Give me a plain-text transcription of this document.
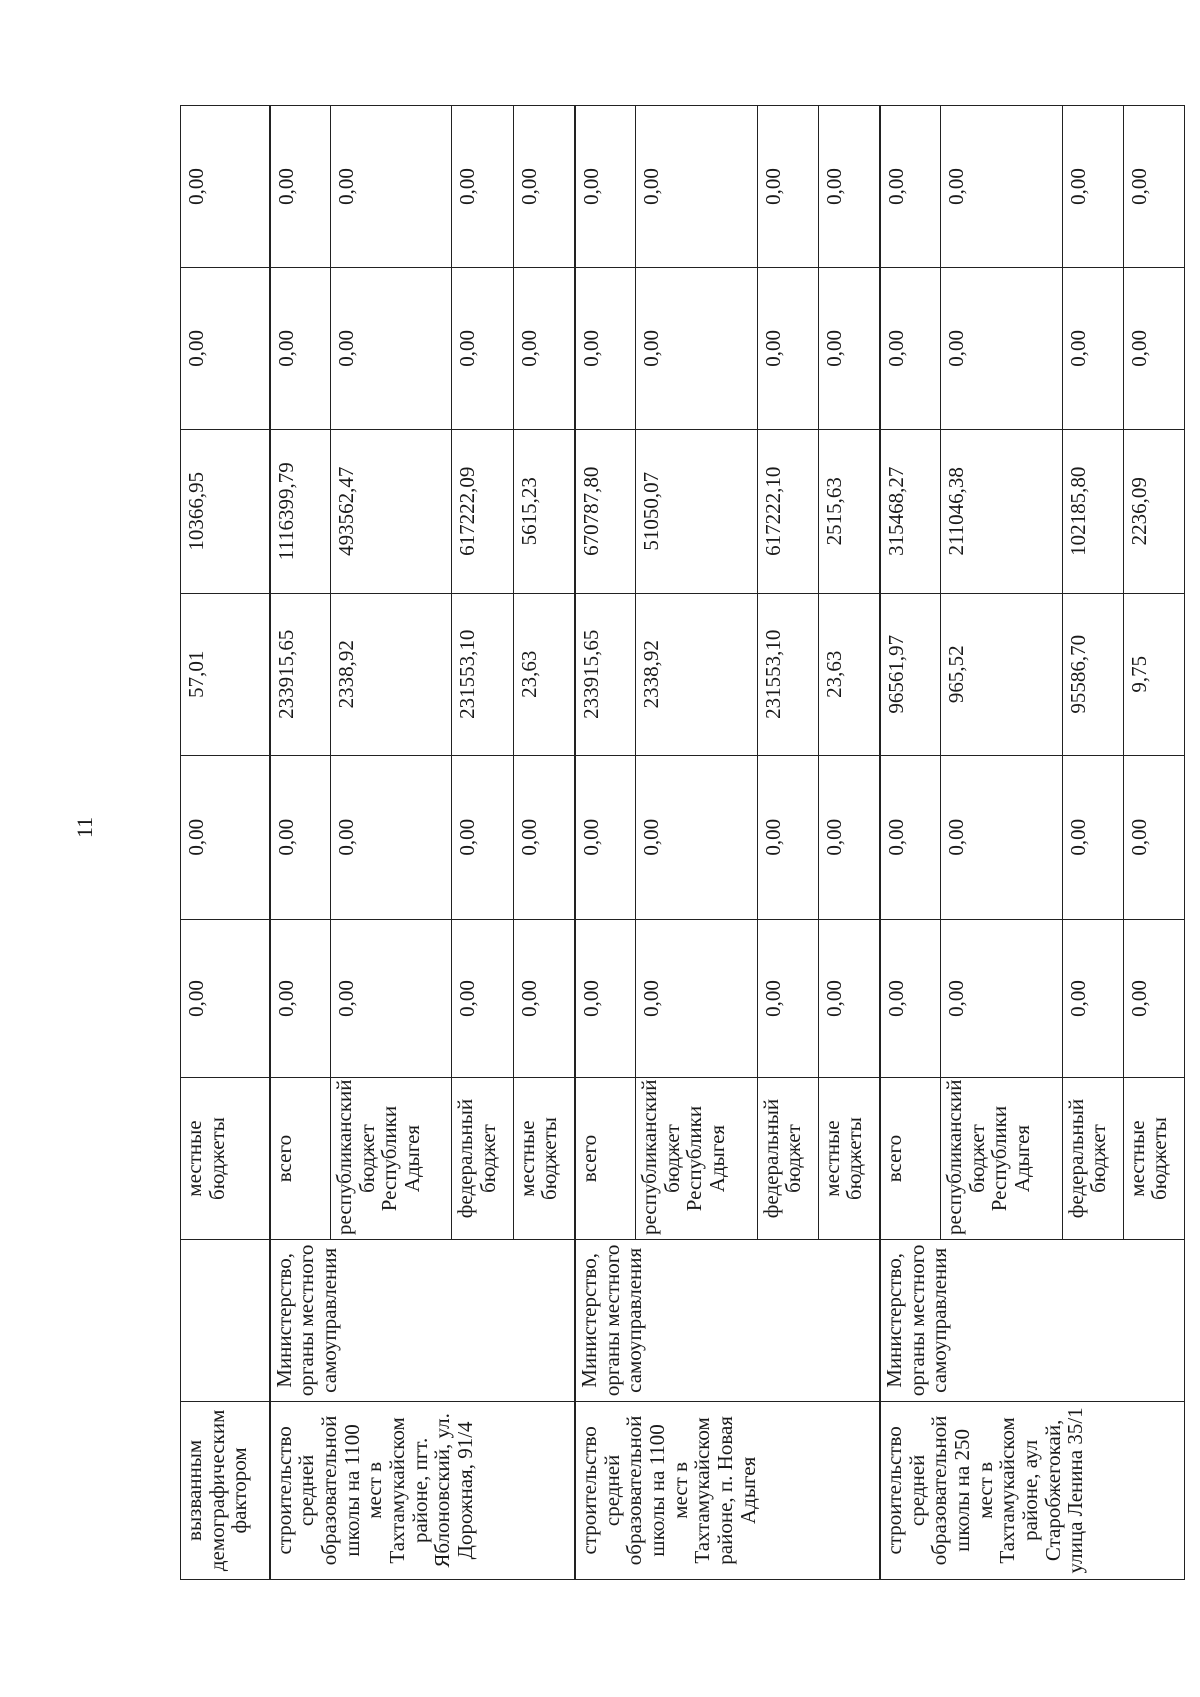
11
вызванным демографическим фактором		местные бюджеты	0,00	0,00	57,01	10366,95	0,00	0,00
строительство средней образовательной школы на 1100 мест в Тахтамукайском районе, пгт. Яблоновский, ул. Дорожная, 91/4	Министерство, органы местного самоуправления	всего	0,00	0,00	233915,65	1116399,79	0,00	0,00
		республиканский бюджет Республики Адыгея	0,00	0,00	2338,92	493562,47	0,00	0,00
		федеральный бюджет	0,00	0,00	231553,10	617222,09	0,00	0,00
		местные бюджеты	0,00	0,00	23,63	5615,23	0,00	0,00
строительство средней образовательной школы на 1100 мест в Тахтамукайском районе, п. Новая Адыгея	Министерство, органы местного самоуправления	всего	0,00	0,00	233915,65	670787,80	0,00	0,00
		республиканский бюджет Республики Адыгея	0,00	0,00	2338,92	51050,07	0,00	0,00
		федеральный бюджет	0,00	0,00	231553,10	617222,10	0,00	0,00
		местные бюджеты	0,00	0,00	23,63	2515,63	0,00	0,00
строительство средней образовательной школы на 250 мест в Тахтамукайском районе, аул Старобжегокай, улица Ленина 35/1	Министерство, органы местного самоуправления	всего	0,00	0,00	96561,97	315468,27	0,00	0,00
		республиканский бюджет Республики Адыгея	0,00	0,00	965,52	211046,38	0,00	0,00
		федеральный бюджет	0,00	0,00	95586,70	102185,80	0,00	0,00
		местные бюджеты	0,00	0,00	9,75	2236,09	0,00	0,00
